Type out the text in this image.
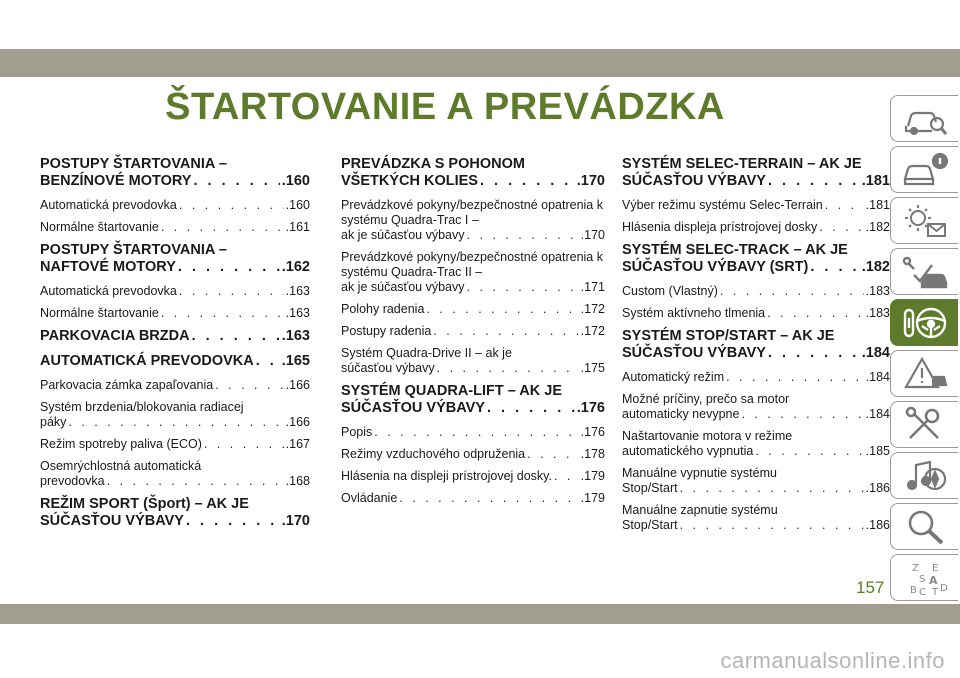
ŠTARTOVANIE A PREVÁDZKA
POSTUPY ŠTARTOVANIA –
BENZÍNOVÉ MOTORY . . .	.160
Automatická prevodovka . . .	.160
Normálne štartovanie . . .	.161
POSTUPY ŠTARTOVANIA –
NAFTOVÉ MOTORY . . .	.162
Automatická prevodovka . . .	.163
Normálne štartovanie . . .	.163
PARKOVACIA BRZDA . . .	.163
AUTOMATICKÁ PREVODOVKA . . . .165
Parkovacia zámka zapaľovania . . .	.166
Systém brzdenia/blokovania radiacej
páky . . .	.166
Režim spotreby paliva (ECO) . . .	.167
Osemrýchlostná automatická
prevodovka . . .	.168
REŽIM SPORT (Šport) – AK JE
SÚČASŤOU VÝBAVY . . .	.170
PREVÁDZKA S POHONOM
VŠETKÝCH KOLIES . . .	.170
Prevádzkové pokyny/bezpečnostné opatrenia k systému Quadra-Trac I –
ak je súčasťou výbavy . . .	.170
Prevádzkové pokyny/bezpečnostné opatrenia k systému Quadra-Trac II –
ak je súčasťou výbavy . . .	.171
Polohy radenia . . .	.172
Postupy radenia . . .	.172
Systém Quadra-Drive II – ak je
súčasťou výbavy . . .	.175
SYSTÉM QUADRA-LIFT – AK JE
SÚČASŤOU VÝBAVY . . .	.176
Popis . . .	.176
Režimy vzduchového odpruženia . . .	.178
Hlásenia na displeji prístrojovej dosky. . . . .179
Ovládanie . . .	.179
SYSTÉM SELEC-TERRAIN – AK JE
SÚČASŤOU VÝBAVY . . .	.181
Výber režimu systému Selec-Terrain . . .	.181
Hlásenia displeja prístrojovej dosky . . .	.182
SYSTÉM SELEC-TRACK – AK JE
SÚČASŤOU VÝBAVY (SRT) . . .	.182
Custom (Vlastný) . . .	.183
Systém aktívneho tlmenia . . .	.183
SYSTÉM STOP/START – AK JE
SÚČASŤOU VÝBAVY . . .	.184
Automatický režim . . .	.184
Možné príčiny, prečo sa motor
automaticky nevypne . . .	.184
Naštartovanie motora v režime
automatického vypnutia . . .	.185
Manuálne vypnutie systému
Stop/Start . . .	.186
Manuálne zapnutie systému
Stop/Start . . .	.186
Z E
S A
B C T D
157
carmanualsonline.info
